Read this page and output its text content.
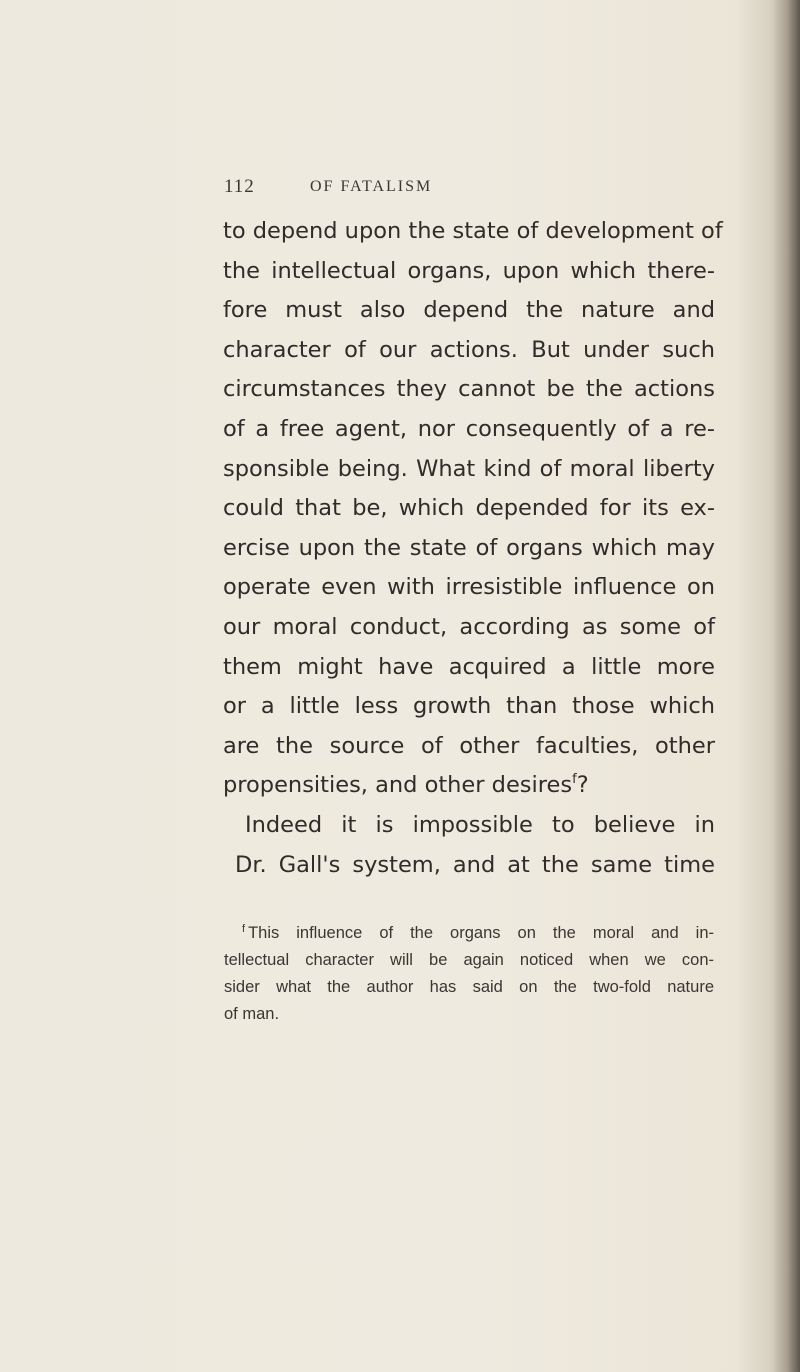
112	OF FATALISM
to depend upon the state of development of
the intellectual organs, upon which there-
fore must also depend the nature and
character of our actions. But under such
circumstances they cannot be the actions
of a free agent, nor consequently of a re-
sponsible being. What kind of moral liberty
could that be, which depended for its ex-
ercise upon the state of organs which may
operate even with irresistible influence on
our moral conduct, according as some of
them might have acquired a little more
or a little less growth than those which
are the source of other faculties, other
propensities, and other desires$^f$?
Indeed it is impossible to believe in
Dr. Gall's system, and at the same time
$^f$ This influence of the organs on the moral and in-
tellectual character will be again noticed when we con-
sider what the author has said on the two-fold nature
of man.
